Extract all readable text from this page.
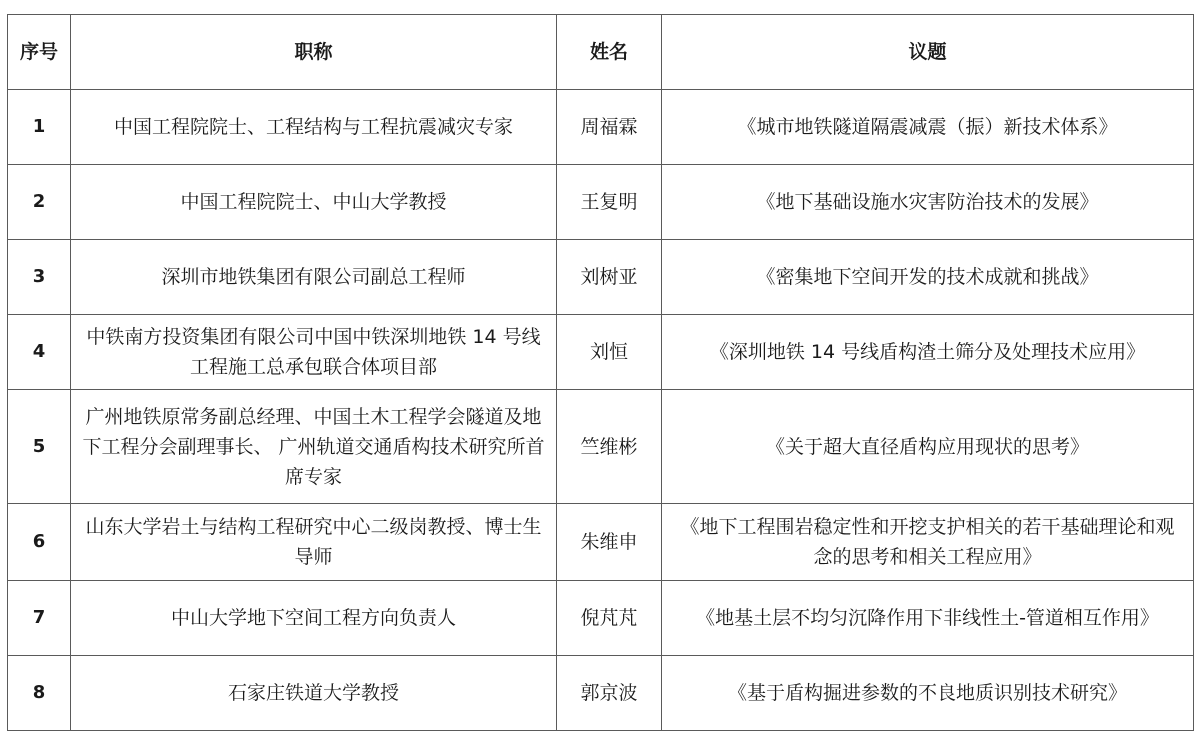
序号	职称	姓名	议题
1	中国工程院院士、工程结构与工程抗震减灾专家	周福霖	《城市地铁隧道隔震减震（振）新技术体系》
2	中国工程院院士、中山大学教授	王复明	《地下基础设施水灾害防治技术的发展》
3	深圳市地铁集团有限公司副总工程师	刘树亚	《密集地下空间开发的技术成就和挑战》
4	中铁南方投资集团有限公司中国中铁深圳地铁 14 号线工程施工总承包联合体项目部	刘恒	《深圳地铁 14 号线盾构渣土筛分及处理技术应用》
5	广州地铁原常务副总经理、中国土木工程学会隧道及地下工程分会副理事长、 广州轨道交通盾构技术研究所首席专家	竺维彬	《关于超大直径盾构应用现状的思考》
6	山东大学岩土与结构工程研究中心二级岗教授、博士生导师	朱维申	《地下工程围岩稳定性和开挖支护相关的若干基础理论和观念的思考和相关工程应用》
7	中山大学地下空间工程方向负责人	倪芃芃	《地基土层不均匀沉降作用下非线性土-管道相互作用》
8	石家庄铁道大学教授	郭京波	《基于盾构掘进参数的不良地质识别技术研究》
